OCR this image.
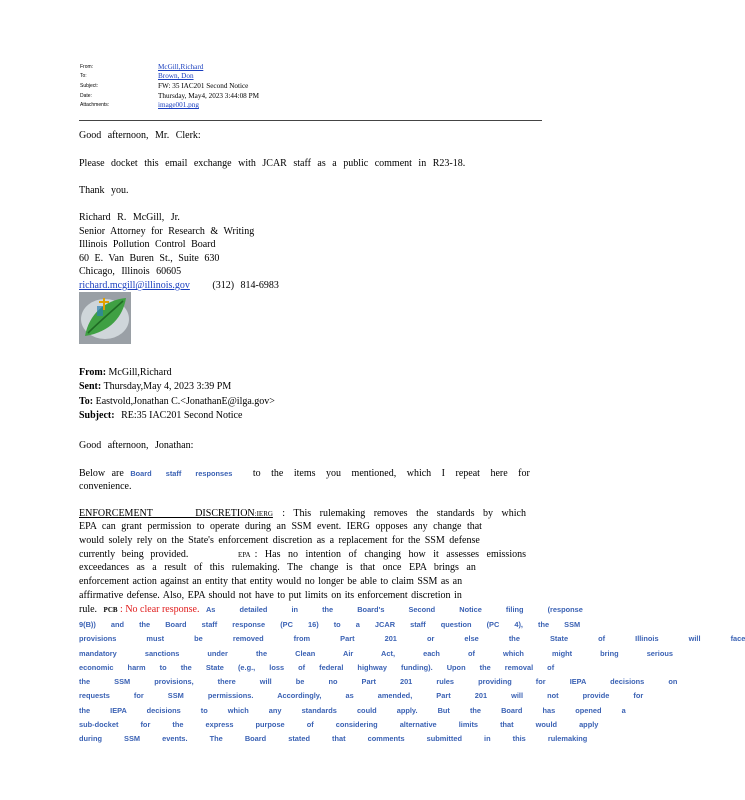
From:	McGill,Richard
To:	Brown, Don
Subject:	FW: 35 IAC201 Second Notice
Date:	Thursday, May4, 2023 3:44:08 PM
Attachments:	image001.png
Good afternoon, Mr. Clerk:
Please docket this email exchange with JCAR staff as a public comment in R23-18.
Thank you.
Richard R. McGill, Jr.
Senior Attorney for Research & Writing
Illinois Pollution Control Board
60 E. Van Buren St., Suite 630
Chicago, Illinois 60605
richard.mcgill@illinois.gov (312) 814-6983
From: McGill,Richard
Sent: Thursday,May 4, 2023 3:39 PM
To: Eastvold,Jonathan C.<JonathanE@ilga.gov>
Subject: RE:35 IAC201 Second Notice
Good afternoon, Jonathan:
Below are Board staff responses to the items you mentioned, which I repeat here for
convenience.
ENFORCEMENT DISCRETION:IERG : This rulemaking removes the standards by which
EPA can grant permission to operate during an SSM event. IERG opposes any change that
would solely rely on the State's enforcement discretion as a replacement for the SSM defense
currently being provided.	EPA : Has no intention of changing how it assesses emissions
exceedances as a result of this rulemaking. The change is that once EPA brings an
enforcement action against an entity that entity would no longer be able to claim SSM as an
affirmative defense. Also, EPA should not have to put limits on its enforcement discretion in
rule. PCB : No clear response. As detailed in the Board's Second Notice filing (response
9(B)) and the Board staff response (PC 16) to a JCAR staff question (PC 4), the SSM
provisions must be removed from Part 201 or else the State of Illinois will face
mandatory sanctions under the Clean Air Act, each of which might bring serious
economic harm to the State (e.g., loss of federal highway funding). Upon the removal of
the SSM provisions, there will be no Part 201 rules providing for IEPA decisions on
requests for SSM permissions. Accordingly, as amended, Part 201 will not provide for
the IEPA decisions to which any standards could apply. But the Board has opened a
sub-docket for the express purpose of considering alternative limits that would apply
during SSM events. The Board stated that comments submitted in this rulemaking
